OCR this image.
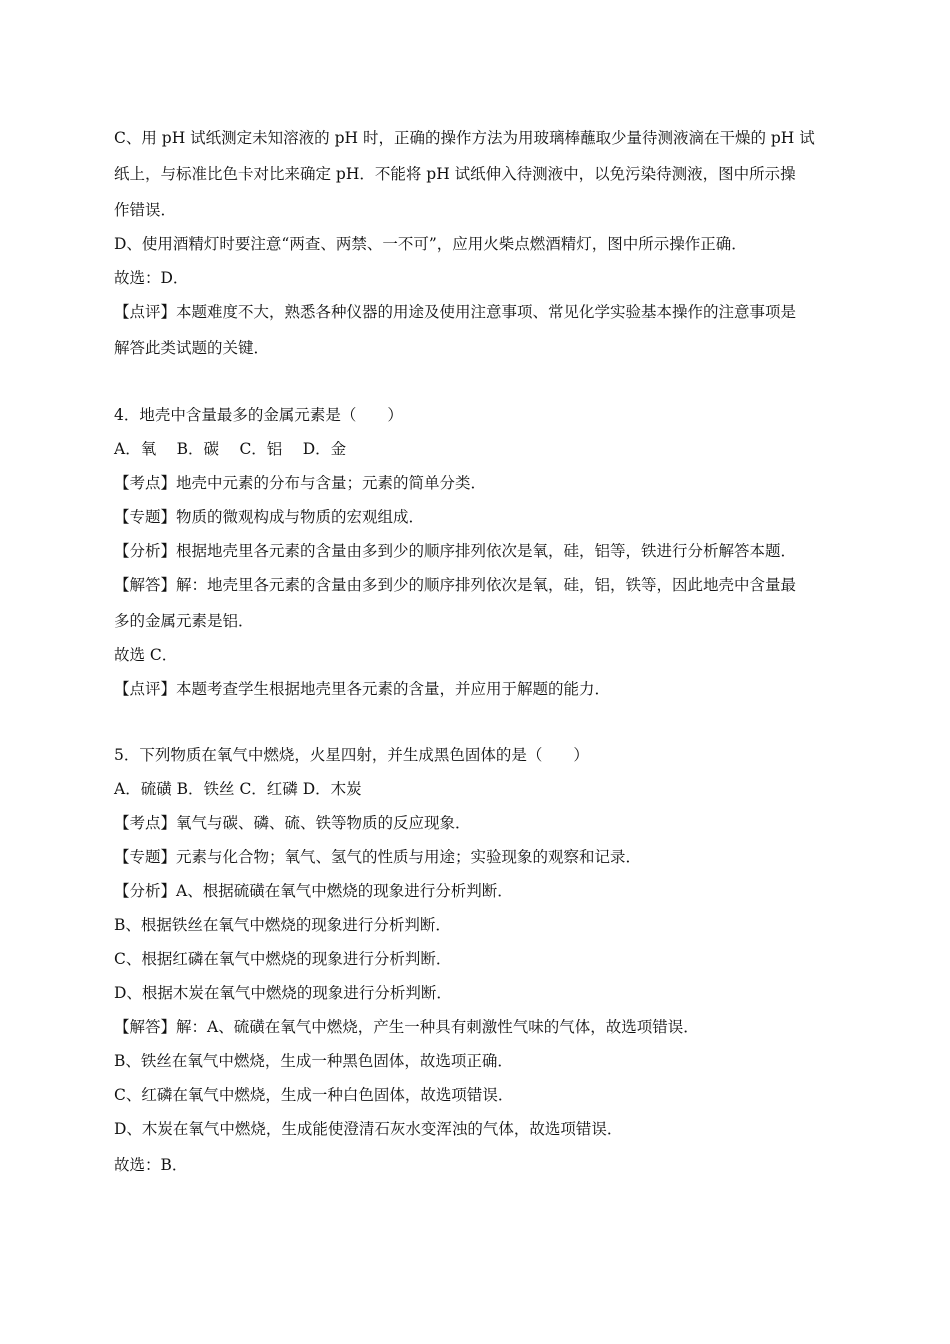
C、用 pH 试纸测定未知溶液的 pH 时，正确的操作方法为用玻璃棒蘸取少量待测液滴在干燥的 pH 试
纸上，与标准比色卡对比来确定 pH．不能将 pH 试纸伸入待测液中，以免污染待测液，图中所示操
作错误．
D、使用酒精灯时要注意“两查、两禁、一不可”，应用火柴点燃酒精灯，图中所示操作正确．
故选：D．
【点评】本题难度不大，熟悉各种仪器的用途及使用注意事项、常见化学实验基本操作的注意事项是
解答此类试题的关键．
4．地壳中含量最多的金属元素是（　　）
A．氧　 B．碳　 C．铝　 D．金
【考点】地壳中元素的分布与含量；元素的简单分类．
【专题】物质的微观构成与物质的宏观组成．
【分析】根据地壳里各元素的含量由多到少的顺序排列依次是氧，硅，铝等，铁进行分析解答本题．
【解答】解：地壳里各元素的含量由多到少的顺序排列依次是氧，硅，铝，铁等，因此地壳中含量最
多的金属元素是铝．
故选 C．
【点评】本题考查学生根据地壳里各元素的含量，并应用于解题的能力．
5．下列物质在氧气中燃烧，火星四射，并生成黑色固体的是（　　）
A．硫磺 B．铁丝 C．红磷 D．木炭
【考点】氧气与碳、磷、硫、铁等物质的反应现象．
【专题】元素与化合物；氧气、氢气的性质与用途；实验现象的观察和记录．
【分析】A、根据硫磺在氧气中燃烧的现象进行分析判断．
B、根据铁丝在氧气中燃烧的现象进行分析判断．
C、根据红磷在氧气中燃烧的现象进行分析判断．
D、根据木炭在氧气中燃烧的现象进行分析判断．
【解答】解：A、硫磺在氧气中燃烧，产生一种具有刺激性气味的气体，故选项错误．
B、铁丝在氧气中燃烧，生成一种黑色固体，故选项正确．
C、红磷在氧气中燃烧，生成一种白色固体，故选项错误．
D、木炭在氧气中燃烧，生成能使澄清石灰水变浑浊的气体，故选项错误．
故选：B．
